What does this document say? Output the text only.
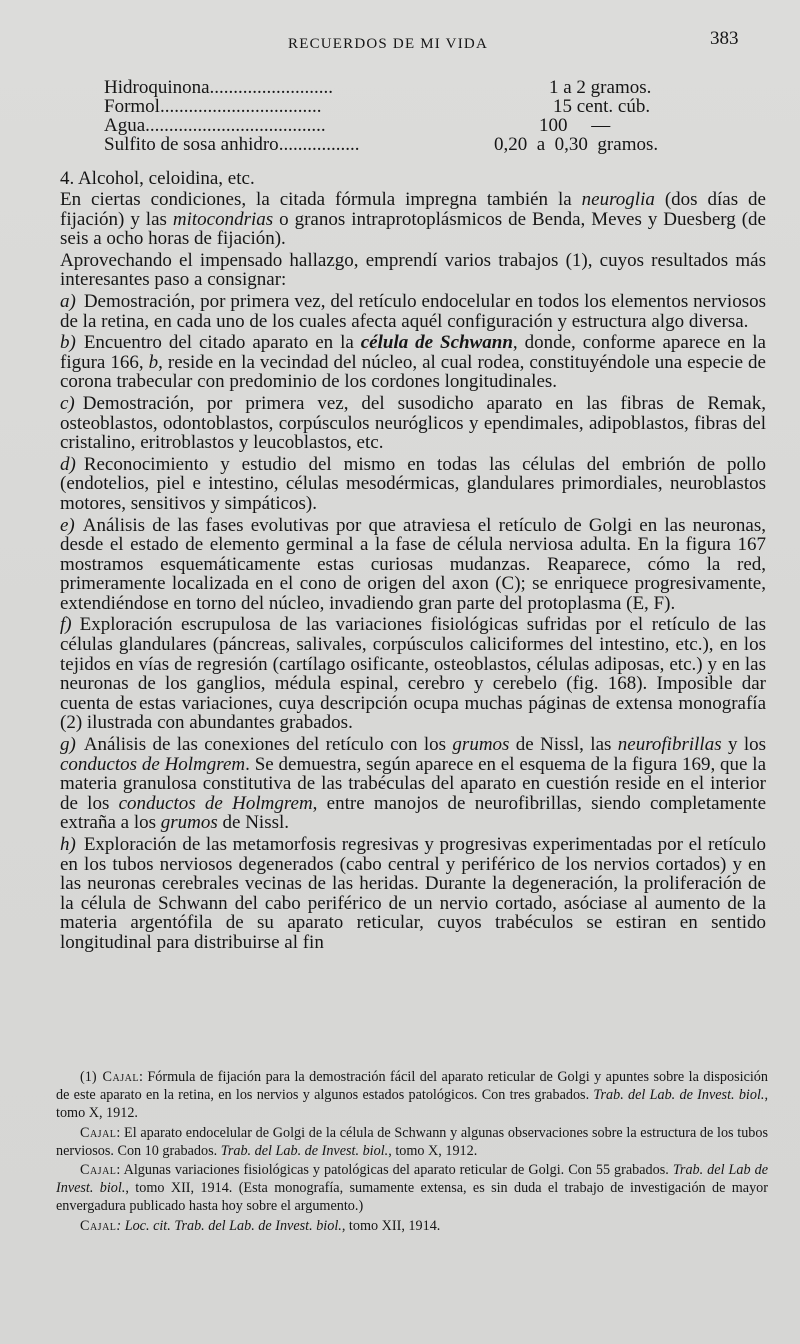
RECUERDOS DE MI VIDA	383
Hidroquinona..........................	1 a 2 gramos.
Formol..................................	15 cent. cúb.
Agua......................................	100     —
Sulfito de sosa anhidro.................	0,20  a  0,30  gramos.
4. Alcohol, celoidina, etc.

En ciertas condiciones, la citada fórmula impregna también la neuroglia (dos días de fijación) y las mitocondrias o granos intraprotoplásmicos de Benda, Meves y Duesberg (de seis a ocho horas de fijación).

Aprovechando el impensado hallazgo, emprendí varios trabajos (1), cuyos resultados más interesantes paso a consignar:

a) Demostración, por primera vez, del retículo endocelular en todos los elementos nerviosos de la retina, en cada uno de los cuales afecta aquél configuración y estructura algo diversa.

b) Encuentro del citado aparato en la célula de Schwann, donde, conforme aparece en la figura 166, b, reside en la vecindad del núcleo, al cual rodea, constituyéndole una especie de corona trabecular con predominio de los cordones longitudinales.

c) Demostración, por primera vez, del susodicho aparato en las fibras de Remak, osteoblastos, odontoblastos, corpúsculos neuróglicos y ependimales, adipoblastos, fibras del cristalino, eritroblastos y leucoblastos, etc.

d) Reconocimiento y estudio del mismo en todas las células del embrión de pollo (endotelios, piel e intestino, células mesodérmicas, glandulares primordiales, neuroblastos motores, sensitivos y simpáticos).

e) Análisis de las fases evolutivas por que atraviesa el retículo de Golgi en las neuronas, desde el estado de elemento germinal a la fase de célula nerviosa adulta. En la figura 167 mostramos esquemáticamente estas curiosas mudanzas. Reaparece, cómo la red, primeramente localizada en el cono de origen del axon (C); se enriquece progresivamente, extendiéndose en torno del núcleo, invadiendo gran parte del protoplasma (E, F).

f) Exploración escrupulosa de las variaciones fisiológicas sufridas por el retículo de las células glandulares (páncreas, salivales, corpúsculos caliciformes del intestino, etc.), en los tejidos en vías de regresión (cartílago osificante, osteoblastos, células adiposas, etc.) y en las neuronas de los ganglios, médula espinal, cerebro y cerebelo (fig. 168). Imposible dar cuenta de estas variaciones, cuya descripción ocupa muchas páginas de extensa monografía (2) ilustrada con abundantes grabados.

g) Análisis de las conexiones del retículo con los grumos de Nissl, las neurofibrillas y los conductos de Holmgrem. Se demuestra, según aparece en el esquema de la figura 169, que la materia granulosa constitutiva de las trabéculas del aparato en cuestión reside en el interior de los conductos de Holmgrem, entre manojos de neurofibrillas, siendo completamente extraña a los grumos de Nissl.

h) Exploración de las metamorfosis regresivas y progresivas experimentadas por el retículo en los tubos nerviosos degenerados (cabo central y periférico de los nervios cortados) y en las neuronas cerebrales vecinas de las heridas. Durante la degeneración, la proliferación de la célula de Schwann del cabo periférico de un nervio cortado, asóciase al aumento de la materia argentófila de su aparato reticular, cuyos trabéculos se estiran en sentido longitudinal para distribuirse al fin

(1) Cajal: Fórmula de fijación para la demostración fácil del aparato reticular de Golgi y apuntes sobre la disposición de este aparato en la retina, en los nervios y algunos estados patológicos. Con tres grabados. Trab. del Lab. de Invest. biol., tomo X, 1912.

Cajal: El aparato endocelular de Golgi de la célula de Schwann y algunas observaciones sobre la estructura de los tubos nerviosos. Con 10 grabados. Trab. del Lab. de Invest. biol., tomo X, 1912.

Cajal: Algunas variaciones fisiológicas y patológicas del aparato reticular de Golgi. Con 55 grabados. Trab. del Lab de Invest. biol., tomo XII, 1914. (Esta monografía, sumamente extensa, es sin duda el trabajo de investigación de mayor envergadura publicado hasta hoy sobre el argumento.)

Cajal: Loc. cit. Trab. del Lab. de Invest. biol., tomo XII, 1914.
